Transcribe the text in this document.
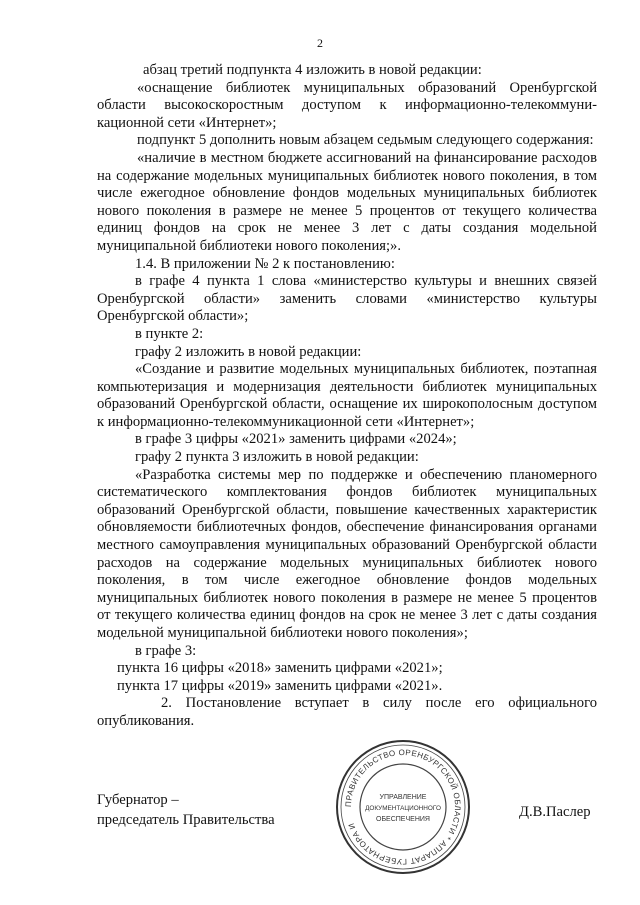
2

абзац третий подпункта 4 изложить в новой редакции:

«оснащение библиотек муниципальных образований Оренбургской области высокоскоростным доступом к информационно-телекоммуни-кационной сети «Интернет»;

подпункт 5 дополнить новым абзацем седьмым следующего содержания:

«наличие в местном бюджете ассигнований на финансирование расходов на содержание модельных муниципальных библиотек нового поколения, в том числе ежегодное обновление фондов модельных муниципальных библиотек нового поколения в размере не менее 5 процентов от текущего количества единиц фондов на срок не менее 3 лет с даты создания модельной муниципальной библиотеки нового поколения;».

1.4. В приложении № 2 к постановлению:

в графе 4 пункта 1 слова «министерство культуры и внешних связей Оренбургской области» заменить словами «министерство культуры Оренбургской области»;

в пункте 2:

графу 2 изложить в новой редакции:

«Создание и развитие модельных муниципальных библиотек, поэтапная компьютеризация и модернизация деятельности библиотек муниципальных образований Оренбургской области, оснащение их широкополосным доступом к информационно-телекоммуникационной сети «Интернет»;

в графе 3 цифры «2021» заменить цифрами «2024»;

графу 2 пункта 3 изложить в новой редакции:

«Разработка системы мер по поддержке и обеспечению планомерного систематического комплектования фондов библиотек муниципальных образований Оренбургской области, повышение качественных характеристик обновляемости библиотечных фондов, обеспечение финансирования органами местного самоуправления муниципальных образований Оренбургской области расходов на содержание модельных муниципальных библиотек нового поколения, в том числе ежегодное обновление фондов модельных муниципальных библиотек нового поколения в размере не менее 5 процентов от текущего количества единиц фондов на срок не менее 3 лет с даты создания модельной муниципальной библиотеки нового поколения»;

в графе 3:

пункта 16 цифры «2018» заменить цифрами «2021»;

пункта 17 цифры «2019» заменить цифрами «2021».

2. Постановление вступает в силу после его официального опубликования.

Губернатор –
председатель Правительства	Д.В.Паслер
ПРАВИТЕЛЬСТВО ОРЕНБУРГСКОЙ ОБЛАСТИ * АППАРАТ ГУБЕРНАТОРА И
УПРАВЛЕНИЕ
ДОКУМЕНТАЦИОННОГО
ОБЕСПЕЧЕНИЯ
